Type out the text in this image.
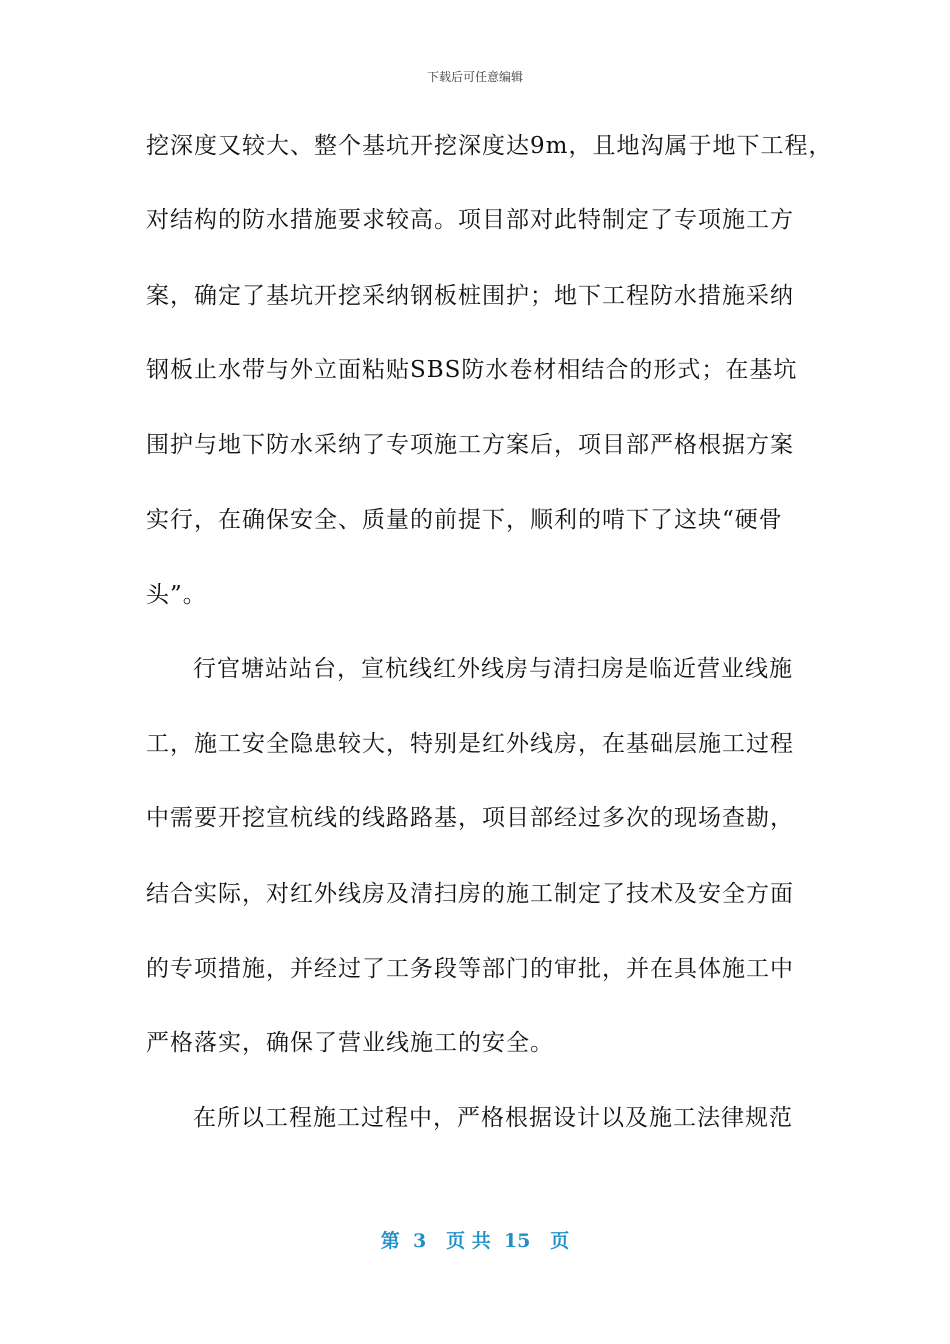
下载后可任意编辑
挖深度又较大、整个基坑开挖深度达9m，且地沟属于地下工程，
对结构的防水措施要求较高。项目部对此特制定了专项施工方
案，确定了基坑开挖采纳钢板桩围护；地下工程防水措施采纳
钢板止水带与外立面粘贴SBS防水卷材相结合的形式；在基坑
围护与地下防水采纳了专项施工方案后，项目部严格根据方案
实行，在确保安全、质量的前提下，顺利的啃下了这块“硬骨
头”。
行官塘站站台，宣杭线红外线房与清扫房是临近营业线施
工，施工安全隐患较大，特别是红外线房，在基础层施工过程
中需要开挖宣杭线的线路路基，项目部经过多次的现场查勘，
结合实际，对红外线房及清扫房的施工制定了技术及安全方面
的专项措施，并经过了工务段等部门的审批，并在具体施工中
严格落实，确保了营业线施工的安全。
在所以工程施工过程中，严格根据设计以及施工法律规范
第  3   页 共  15   页
